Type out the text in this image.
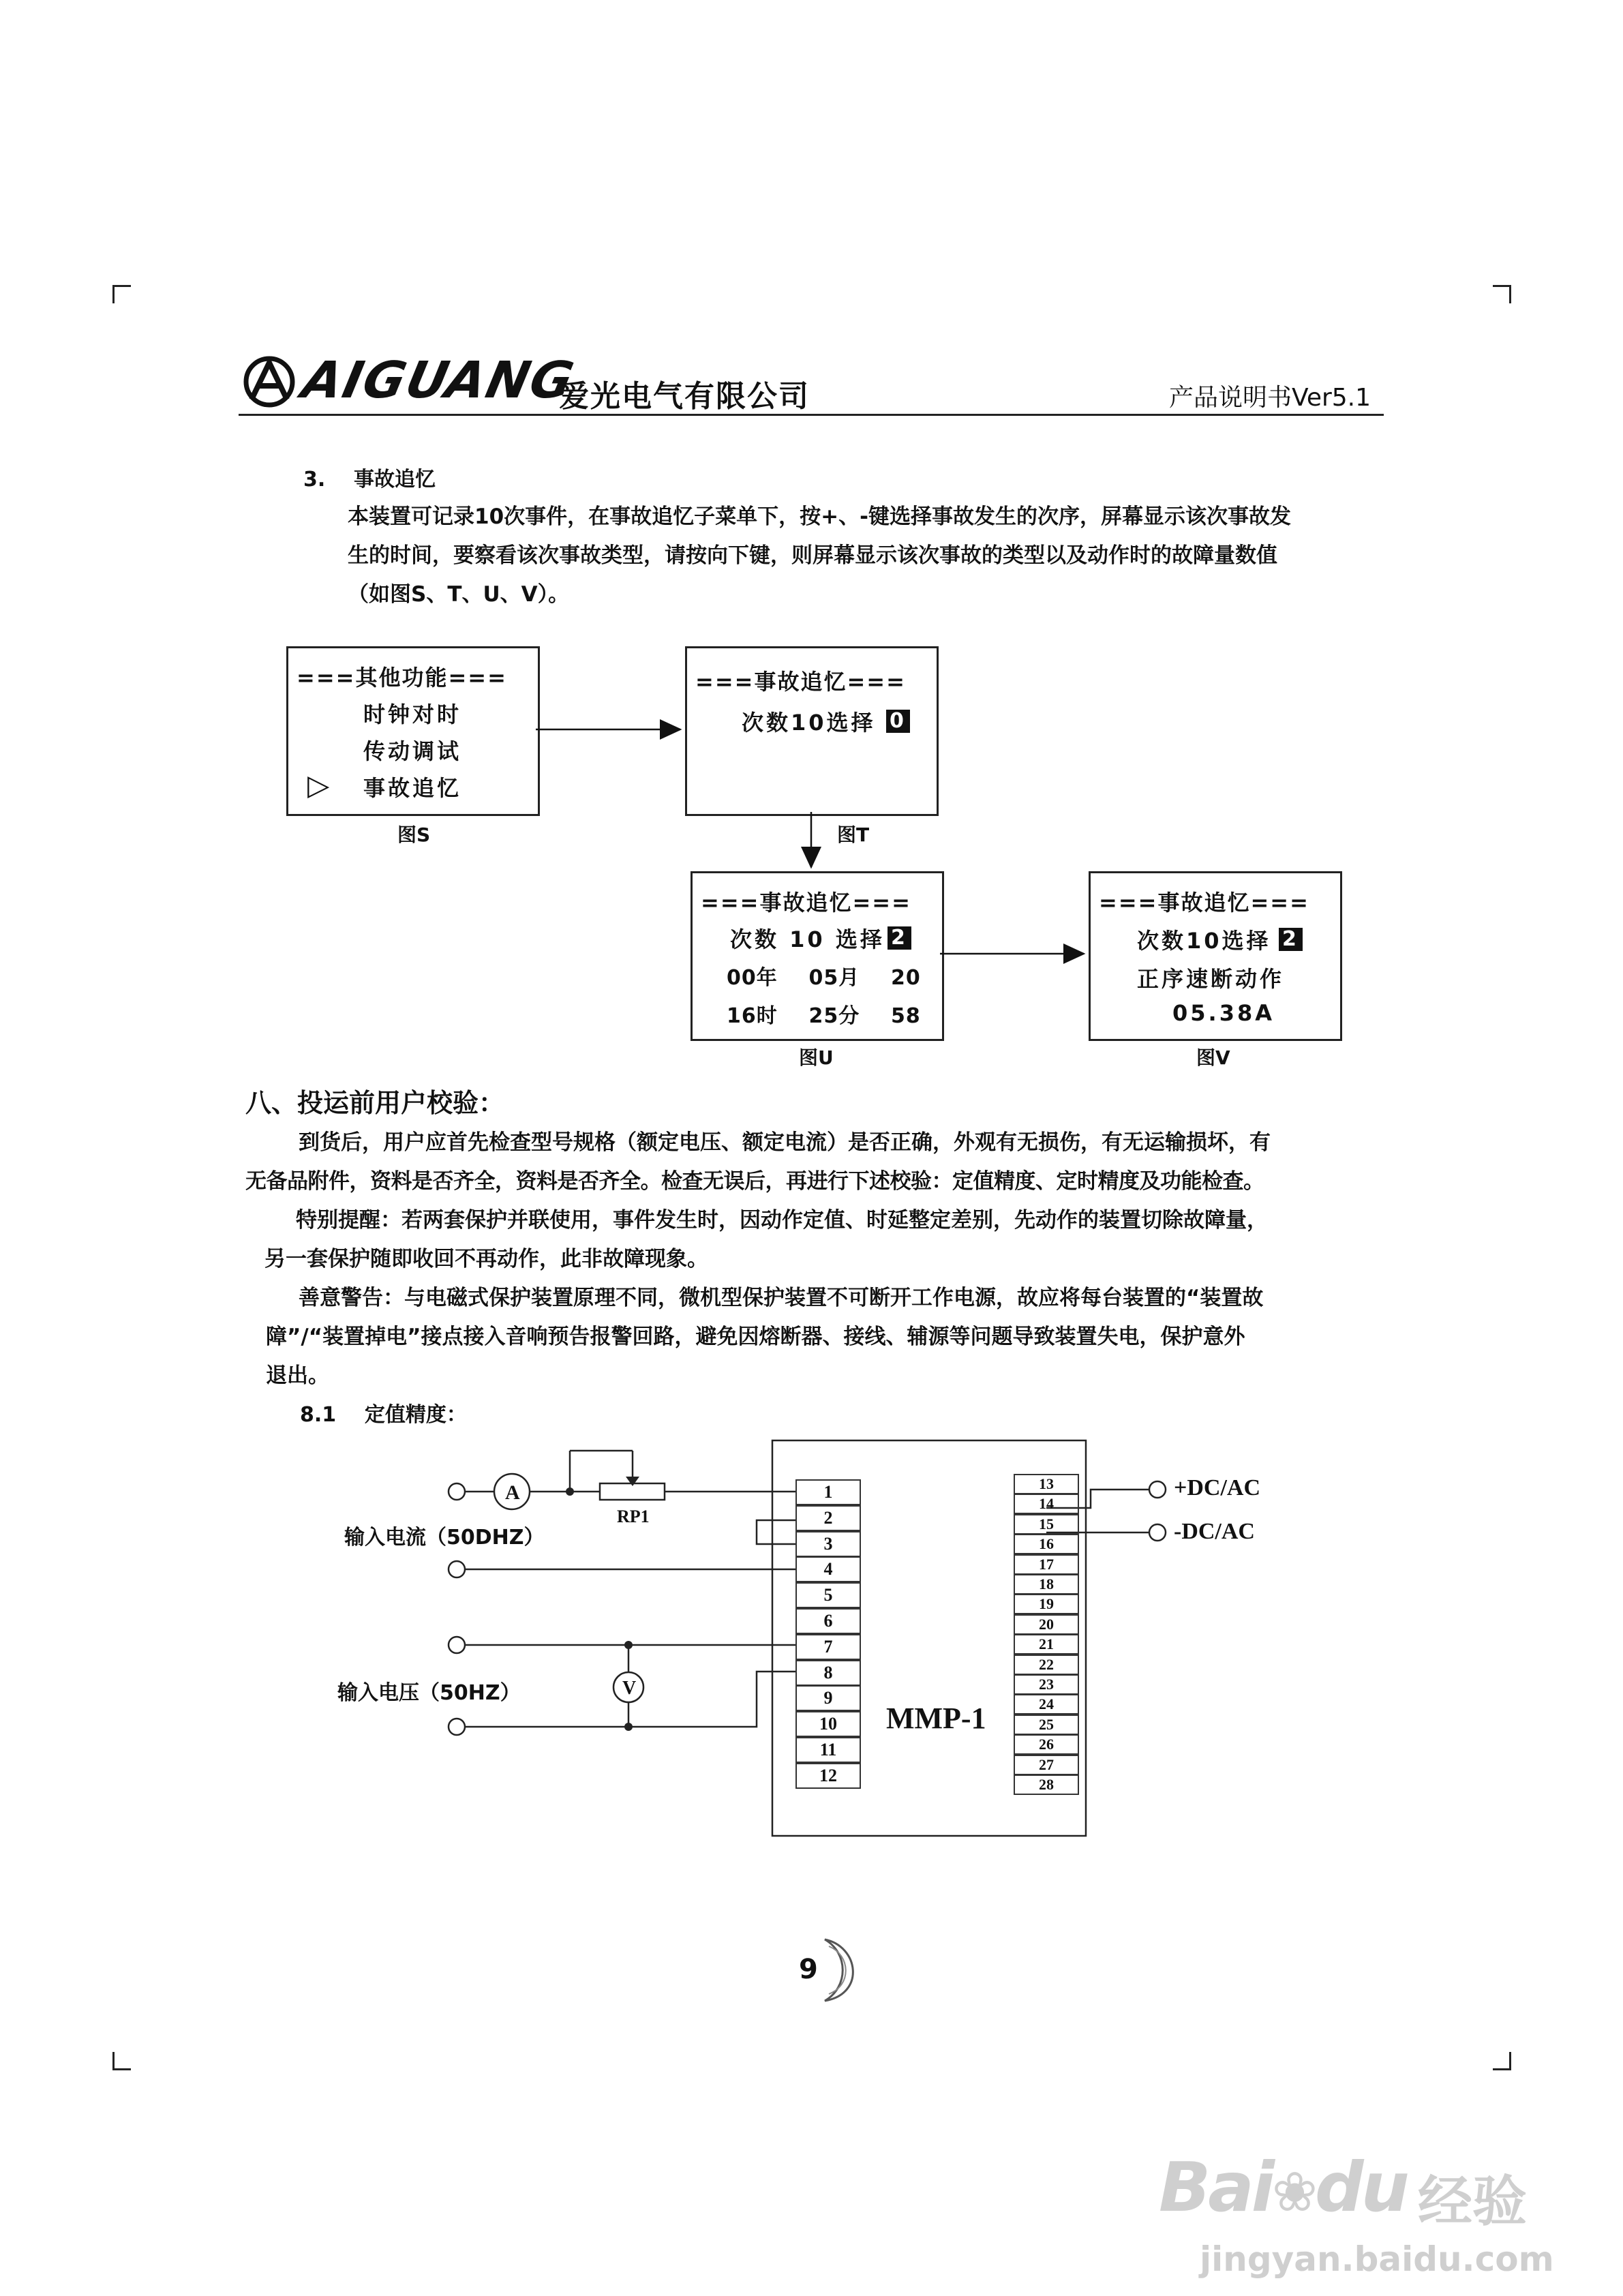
AIGUANG
爱光电气有限公司	产品说明书Ver5.1
3.    事故追忆
本装置可记录10次事件，在事故追忆子菜单下，按+、-键选择事故发生的次序，屏幕显示该次事故发
生的时间，要察看该次事故类型，请按向下键，则屏幕显示该次事故的类型以及动作时的故障量数值
（如图S、T、U、V）。
===其他功能===
时钟对时
传动调试
▷ 事故追忆
图S
===事故追忆===
次数10选择 0
图T
===事故追忆===
次数 10 选择 2
00年    05月    20
16时    25分    58
图U
===事故追忆===
次数10选择 2
正序速断动作
05.38A
图V
八、投运前用户校验：
到货后，用户应首先检查型号规格（额定电压、额定电流）是否正确，外观有无损伤，有无运输损坏，有
无备品附件，资料是否齐全，资料是否齐全。检查无误后，再进行下述校验：定值精度、定时精度及功能检查。
特别提醒：若两套保护并联使用，事件发生时，因动作定值、时延整定差别，先动作的装置切除故障量，
另一套保护随即收回不再动作，此非故障现象。
善意警告：与电磁式保护装置原理不同，微机型保护装置不可断开工作电源，故应将每台装置的“装置故
障”/“装置掉电”接点接入音响预告报警回路，避免因熔断器、接线、辅源等问题导致装置失电，保护意外
退出。
8.1    定值精度：
A
V
RP1
输入电流（50DHZ）
输入电压（50HZ）
+DC/AC
-DC/AC
MMP-1
1
2
3
4
5
6
7
8
9
10
11
12
13
14
15
16
17
18
19
20
21
22
23
24
25
26
27
28
9
Bai❀du 经验
jingyan.baidu.com
